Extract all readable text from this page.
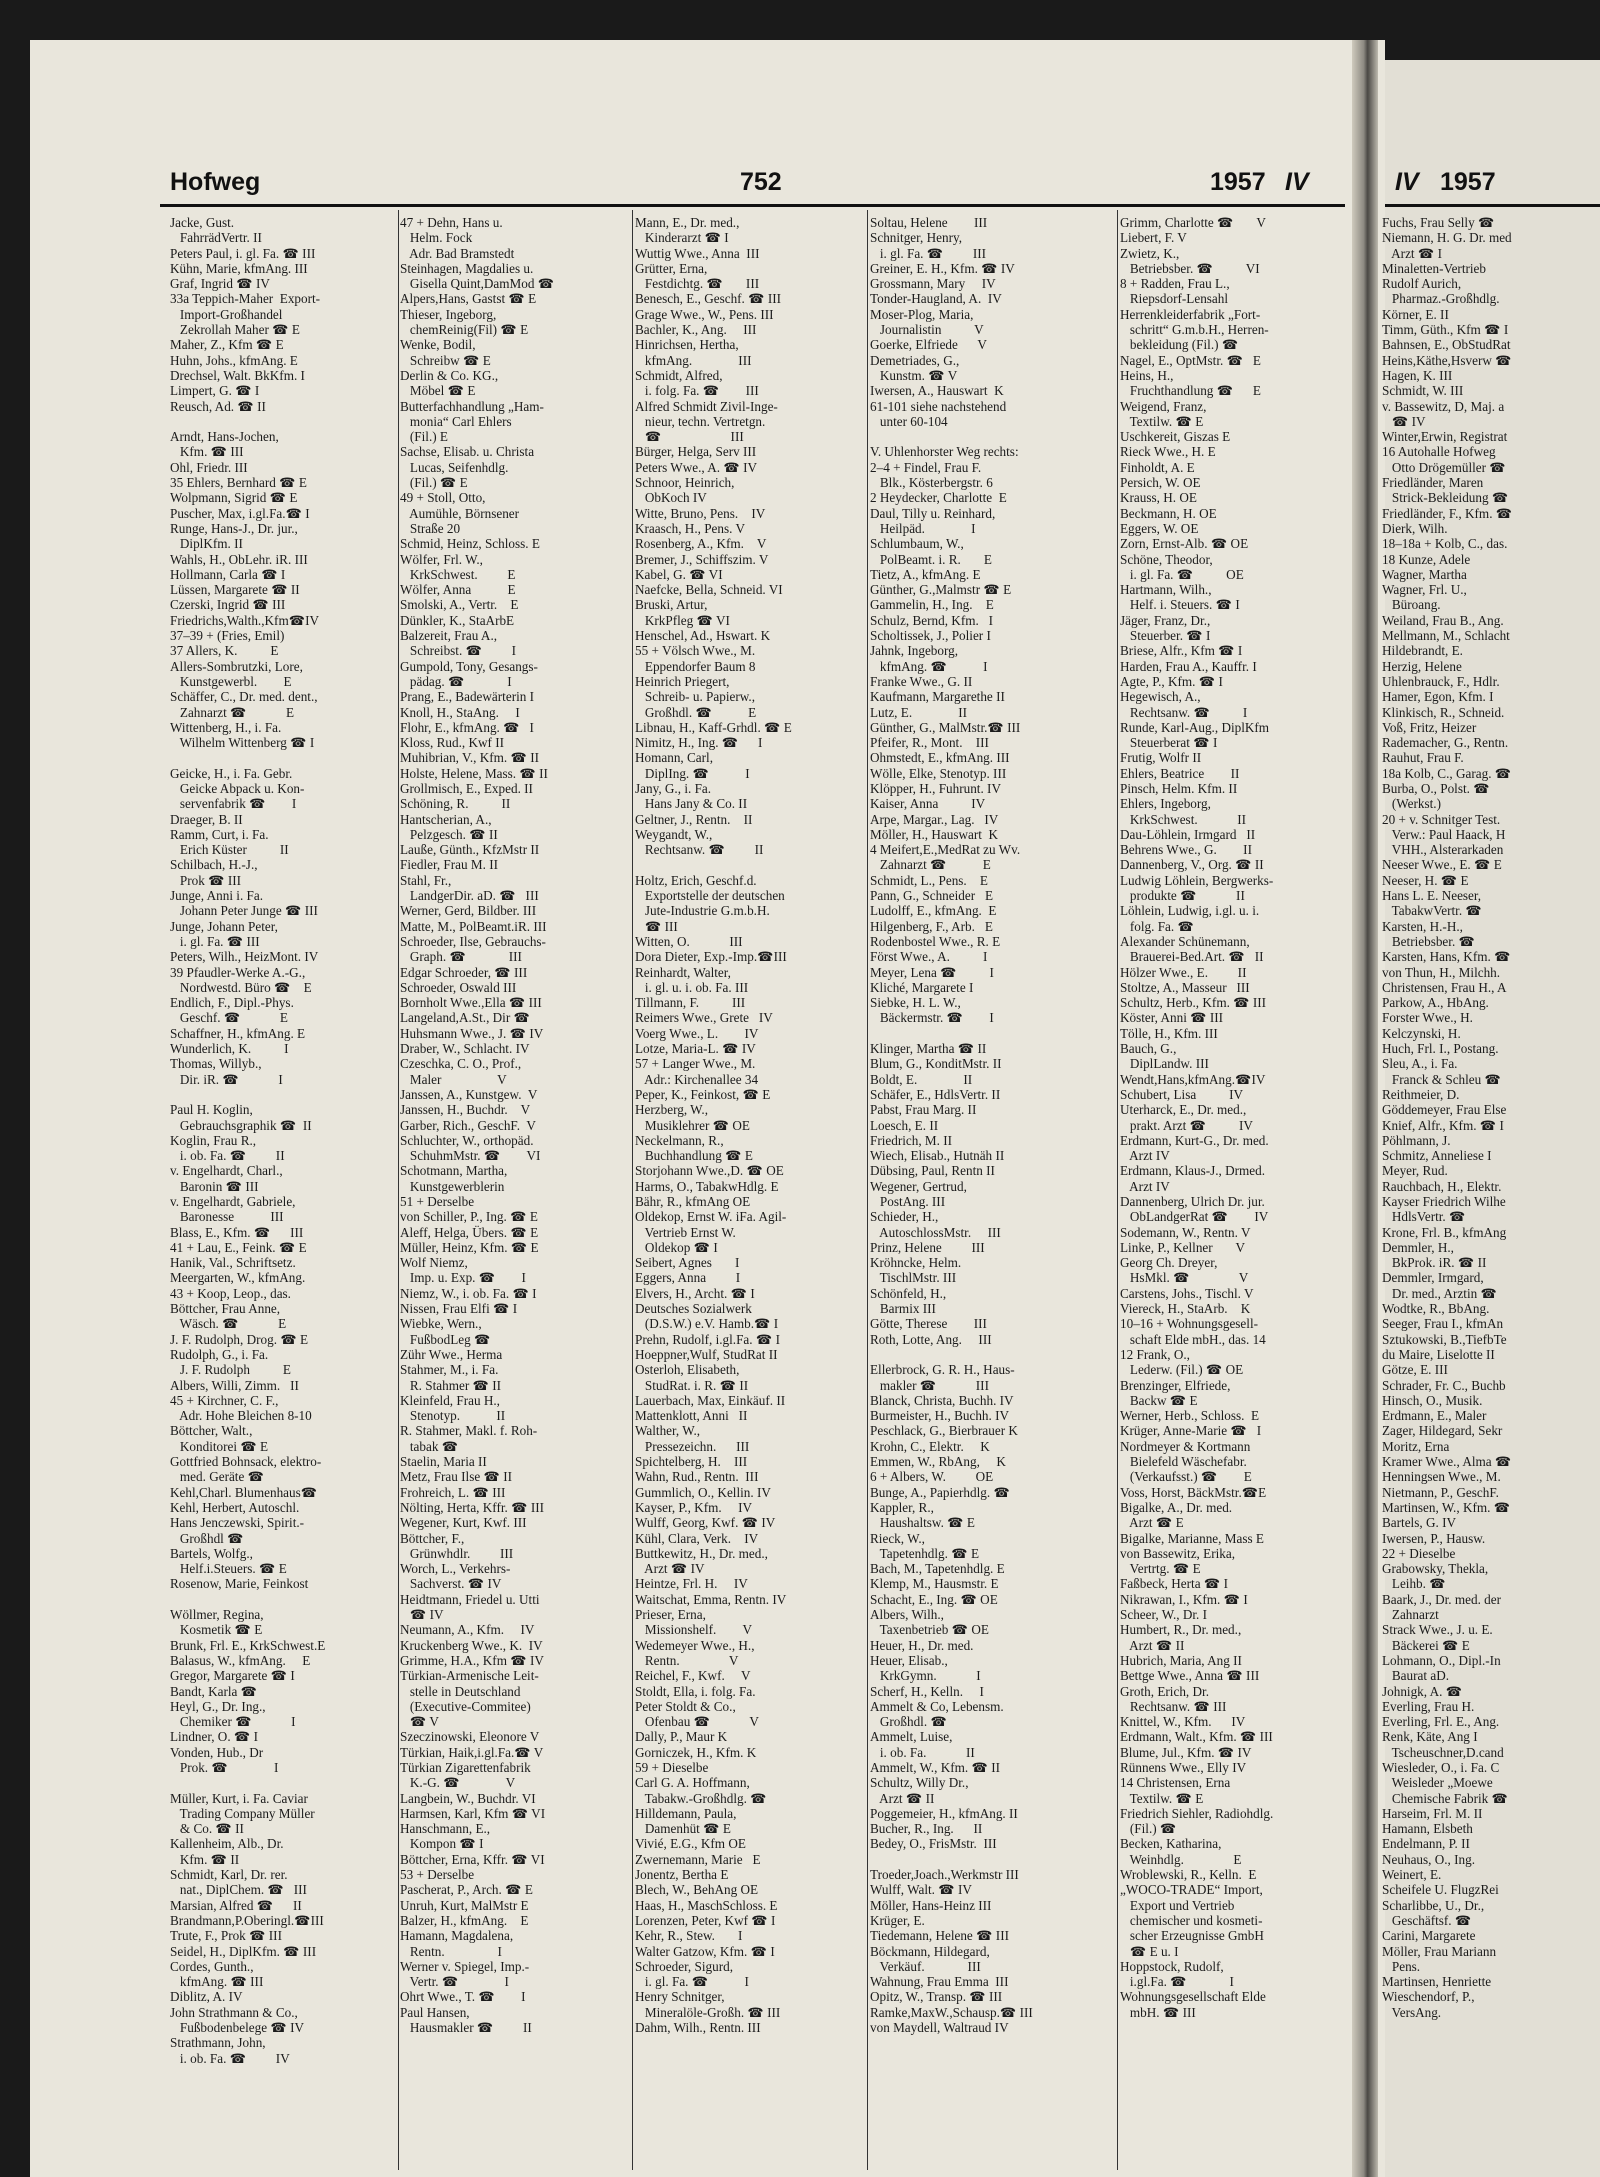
Hofweg	752	1957 IV	IV 1957
Jacke, Gust.
FahrrädVertr. II
Peters Paul, i. gl. Fa. ☎ III
Kühn, Marie, kfmAng. III
Graf, Ingrid ☎ IV
33a Teppich-Maher  Export-
Import-Großhandel
Zekrollah Maher ☎ E
Maher, Z., Kfm ☎ E
Huhn, Johs., kfmAng. E
Drechsel, Walt. BkKfm. I
Limpert, G. ☎ I
Reusch, Ad. ☎ II
Arndt, Hans-Jochen,
Kfm. ☎ III
Ohl, Friedr. III
35 Ehlers, Bernhard ☎ E
Wolpmann, Sigrid ☎ E
Puscher, Max, i.gl.Fa.☎ I
Runge, Hans-J., Dr. jur.,
DiplKfm. II
Wahls, H., ObLehr. iR. III
Hollmann, Carla ☎ I
Lüssen, Margarete ☎ II
Czerski, Ingrid ☎ III
Friedrichs,Walth.,Kfm☎IV
37–39 + (Fries, Emil)
37 Allers, K.          E
Allers-Sombrutzki, Lore,
Kunstgewerbl.        E
Schäffer, C., Dr. med. dent.,
Zahnarzt ☎            E
Wittenberg, H., i. Fa.
Wilhelm Wittenberg ☎ I
Geicke, H., i. Fa. Gebr.
Geicke Abpack u. Kon-
servenfabrik ☎        I
Draeger, B. II
Ramm, Curt, i. Fa.
Erich Küster          II
Schilbach, H.-J.,
Prok ☎ III
Junge, Anni i. Fa.
Johann Peter Junge ☎ III
Junge, Johann Peter,
i. gl. Fa. ☎ III
Peters, Wilh., HeizMont. IV
39 Pfaudler-Werke A.-G.,
Nordwestd. Büro ☎    E
Endlich, F., Dipl.-Phys.
Geschf. ☎            E
Schaffner, H., kfmAng. E
Wunderlich, K.          I
Thomas, Willyb.,
Dir. iR. ☎            I
Paul H. Koglin,
Gebrauchsgraphik ☎  II
Koglin, Frau R.,
i. ob. Fa. ☎         II
v. Engelhardt, Charl.,
Baronin ☎ III
v. Engelhardt, Gabriele,
Baronesse           III
Blass, E., Kfm. ☎      III
41 + Lau, E., Feink. ☎ E
Hanik, Val., Schriftsetz.
Meergarten, W., kfmAng.
43 + Koop, Leop., das.
Böttcher, Frau Anne,
Wäsch. ☎            E
J. F. Rudolph, Drog. ☎ E
Rudolph, G., i. Fa.
J. F. Rudolph          E
Albers, Willi, Zimm.   II
45 + Kirchner, C. F.,
Adr. Hohe Bleichen 8-10
Böttcher, Walt.,
Konditorei ☎ E
Gottfried Bohnsack, elektro-
med. Geräte ☎
Kehl,Charl. Blumenhaus☎
Kehl, Herbert, Autoschl.
Hans Jenczewski, Spirit.-
Großhdl ☎
Bartels, Wolfg.,
Helf.i.Steuers. ☎ E
Rosenow, Marie, Feinkost
Wöllmer, Regina,
Kosmetik ☎ E
Brunk, Frl. E., KrkSchwest.E
Balasus, W., kfmAng.     E
Gregor, Margarete ☎ I
Bandt, Karla ☎
Heyl, G., Dr. Ing.,
Chemiker ☎            I
Lindner, O. ☎ I
Vonden, Hub., Dr
Prok. ☎              I
Müller, Kurt, i. Fa. Caviar
Trading Company Müller
& Co. ☎ II
Kallenheim, Alb., Dr.
Kfm. ☎ II
Schmidt, Karl, Dr. rer.
nat., DiplChem. ☎   III
Marsian, Alfred ☎      II
Brandmann,P.Oberingl.☎III
Trute, F., Prok ☎ III
Seidel, H., DiplKfm. ☎ III
Cordes, Gunth.,
kfmAng. ☎ III
Diblitz, A. IV
John Strathmann & Co.,
Fußbodenbelege ☎ IV
Strathmann, John,
i. ob. Fa. ☎         IV
47 + Dehn, Hans u.
Helm. Fock
Adr. Bad Bramstedt
Steinhagen, Magdalies u.
Gisella Quint,DamMod ☎
Alpers,Hans, Gastst ☎ E
Thieser, Ingeborg,
chemReinig(Fil) ☎ E
Wenke, Bodil,
Schreibw ☎ E
Derlin & Co. KG.,
Möbel ☎ E
Butterfachhandlung „Ham-
monia“ Carl Ehlers
(Fil.) E
Sachse, Elisab. u. Christa
Lucas, Seifenhdlg.
(Fil.) ☎ E
49 + Stoll, Otto,
Aumühle, Börnsener
Straße 20
Schmid, Heinz, Schloss. E
Wölfer, Frl. W.,
KrkSchwest.         E
Wölfer, Anna           E
Smolski, A., Vertr.    E
Dünkler, K., StaArbE
Balzereit, Frau A.,
Schreibst. ☎         I
Gumpold, Tony, Gesangs-
pädag. ☎             I
Prang, E., Badewärterin I
Knoll, H., StaAng.     I
Flohr, E., kfmAng. ☎   I
Kloss, Rud., Kwf II
Muhibrian, V., Kfm. ☎ II
Holste, Helene, Mass. ☎ II
Grollmisch, E., Exped. II
Schöning, R.          II
Hantscherian, A.,
Pelzgesch. ☎ II
Lauße, Günth., KfzMstr II
Fiedler, Frau M. II
Stahl, Fr.,
LandgerDir. aD. ☎   III
Werner, Gerd, Bildber. III
Matte, M., PolBeamt.iR. III
Schroeder, Ilse, Gebrauchs-
Graph. ☎             III
Edgar Schroeder, ☎ III
Schroeder, Oswald III
Bornholt Wwe.,Ella ☎ III
Langeland,A.St., Dir ☎
Huhsmann Wwe., J. ☎ IV
Draber, W., Schlacht. IV
Czeschka, C. O., Prof.,
Maler                 V
Janssen, A., Kunstgew.  V
Janssen, H., Buchdr.    V
Garber, Rich., GeschF.  V
Schluchter, W., orthopäd.
SchuhmMstr. ☎        VI
Schotmann, Martha,
Kunstgewerblerin
51 + Derselbe
von Schiller, P., Ing. ☎ E
Aleff, Helga, Übers. ☎ E
Müller, Heinz, Kfm. ☎ E
Wolf Niemz,
Imp. u. Exp. ☎        I
Niemz, W., i. ob. Fa. ☎ I
Nissen, Frau Elfi ☎ I
Wiebke, Wern.,
FußbodLeg ☎
Zühr Wwe., Herma
Stahmer, M., i. Fa.
R. Stahmer ☎ II
Kleinfeld, Frau H.,
Stenotyp.           II
R. Stahmer, Makl. f. Roh-
tabak ☎
Staelin, Maria II
Metz, Frau Ilse ☎ II
Frohreich, L. ☎ III
Nölting, Herta, Kffr. ☎ III
Wegener, Kurt, Kwf. III
Böttcher, F.,
Grünwhdlr.         III
Worch, L., Verkehrs-
Sachverst. ☎ IV
Heidtmann, Friedel u. Utti
☎ IV
Neumann, A., Kfm.     IV
Kruckenberg Wwe., K.  IV
Grimme, H.A., Kfm ☎ IV
Türkian-Armenische Leit-
stelle in Deutschland
(Executive-Commitee)
☎ V
Szeczinowski, Eleonore V
Türkian, Haik,i.gl.Fa.☎ V
Türkian Zigarettenfabrik
K.-G. ☎              V
Langbein, W., Buchdr. VI
Harmsen, Karl, Kfm ☎ VI
Hanschmann, E.,
Kompon ☎ I
Böttcher, Erna, Kffr. ☎ VI
53 + Derselbe
Pascherat, P., Arch. ☎ E
Unruh, Kurt, MalMstr E
Balzer, H., kfmAng.    E
Hamann, Magdalena,
Rentn.                I
Werner v. Spiegel, Imp.-
Vertr. ☎              I
Ohrt Wwe., T. ☎        I
Paul Hansen,
Hausmakler ☎         II
Mann, E., Dr. med.,
Kinderarzt ☎ I
Wuttig Wwe., Anna  III
Grütter, Erna,
Festdichtg. ☎       III
Benesch, E., Geschf. ☎ III
Grage Wwe., W., Pens. III
Bachler, K., Ang.     III
Hinrichsen, Hertha,
kfmAng.              III
Schmidt, Alfred,
i. folg. Fa. ☎        III
Alfred Schmidt Zivil-Inge-
nieur, techn. Vertretgn.
☎                     III
Bürger, Helga, Serv III
Peters Wwe., A. ☎ IV
Schnoor, Heinrich,
ObKoch IV
Witte, Bruno, Pens.    IV
Kraasch, H., Pens. V
Rosenberg, A., Kfm.    V
Bremer, J., Schiffszim. V
Kabel, G. ☎ VI
Naefcke, Bella, Schneid. VI
Bruski, Artur,
KrkPfleg ☎ VI
Henschel, Ad., Hswart. K
55 + Völsch Wwe., M.
Eppendorfer Baum 8
Heinrich Priegert,
Schreib- u. Papierw.,
Großhdl. ☎           E
Libnau, H., Kaff-Grhdl. ☎ E
Nimitz, H., Ing. ☎      I
Homann, Carl,
DiplIng. ☎           I
Jany, G., i. Fa.
Hans Jany & Co. II
Geltner, J., Rentn.    II
Weygandt, W.,
Rechtsanw. ☎         II
Holtz, Erich, Geschf.d.
Exportstelle der deutschen
Jute-Industrie G.m.b.H.
☎ III
Witten, O.            III
Dora Dieter, Exp.-Imp.☎III
Reinhardt, Walter,
i. gl. u. i. ob. Fa. III
Tillmann, F.          III
Reimers Wwe., Grete   IV
Voerg Wwe., L.        IV
Lotze, Maria-L. ☎ IV
57 + Langer Wwe., M.
Adr.: Kirchenallee 34
Peper, K., Feinkost, ☎ E
Herzberg, W.,
Musiklehrer ☎ OE
Neckelmann, R.,
Buchhandlung ☎ E
Storjohann Wwe.,D. ☎ OE
Harms, O., TabakwHdlg. E
Bähr, R., kfmAng OE
Oldekop, Ernst W. iFa. Agil-
Vertrieb Ernst W.
Oldekop ☎ I
Seibert, Agnes       I
Eggers, Anna         I
Elvers, H., Archt. ☎ I
Deutsches Sozialwerk
(D.S.W.) e.V. Hamb.☎ I
Prehn, Rudolf, i.gl.Fa. ☎ I
Hoeppner,Wulf, StudRat II
Osterloh, Elisabeth,
StudRat. i. R. ☎ II
Lauerbach, Max, Einkäuf. II
Mattenklott, Anni   II
Walther, W.,
Pressezeichn.      III
Spichtelberg, H.    III
Wahn, Rud., Rentn.  III
Gummlich, O., Kellin. IV
Kayser, P., Kfm.     IV
Wulff, Georg, Kwf. ☎ IV
Kühl, Clara, Verk.    IV
Buttkewitz, H., Dr. med.,
Arzt ☎ IV
Heintze, Frl. H.     IV
Waitschat, Emma, Rentn. IV
Prieser, Erna,
Missionshelf.        V
Wedemeyer Wwe., H.,
Rentn.               V
Reichel, F., Kwf.     V
Stoldt, Ella, i. folg. Fa.
Peter Stoldt & Co.,
Ofenbau ☎            V
Dally, P., Maur K
Gorniczek, H., Kfm. K
59 + Dieselbe
Carl G. A. Hoffmann,
Tabakw.-Großhdlg. ☎
Hilldemann, Paula,
Damenhüt ☎ E
Vivié, E.G., Kfm OE
Zwernemann, Marie   E
Jonentz, Bertha E
Blech, W., BehAng OE
Haas, H., MaschSchloss. E
Lorenzen, Peter, Kwf ☎ I
Kehr, R., Stew.       I
Walter Gatzow, Kfm. ☎ I
Schroeder, Sigurd,
i. gl. Fa. ☎           I
Henry Schnitger,
Mineralöle-Großh. ☎ III
Dahm, Wilh., Rentn. III
Soltau, Helene        III
Schnitger, Henry,
i. gl. Fa. ☎         III
Greiner, E. H., Kfm. ☎ IV
Grossmann, Mary     IV
Tonder-Haugland, A.  IV
Moser-Plog, Maria,
Journalistin          V
Goerke, Elfriede      V
Demetriades, G.,
Kunstm. ☎ V
Iwersen, A., Hauswart  K
61-101 siehe nachstehend
unter 60-104
V. Uhlenhorster Weg rechts:
2–4 + Findel, Frau F.
Blk., Kösterbergstr. 6
2 Heydecker, Charlotte  E
Daul, Tilly u. Reinhard,
Heilpäd.              I
Schlumbaum, W.,
PolBeamt. i. R.       E
Tietz, A., kfmAng. E
Günther, G.,Malmstr ☎ E
Gammelin, H., Ing.    E
Schulz, Bernd, Kfm.   I
Scholtissek, J., Polier I
Jahnk, Ingeborg,
kfmAng. ☎           I
Franke Wwe., G. II
Kaufmann, Margarethe II
Lutz, E.              II
Günther, G., MalMstr.☎ III
Pfeifer, R., Mont.    III
Ohmstedt, E., kfmAng. III
Wölle, Elke, Stenotyp. III
Klöpper, H., Fuhrunt. IV
Kaiser, Anna          IV
Arpe, Margar., Lag.   IV
Möller, H., Hauswart  K
4 Meifert,E.,MedRat zu Wv.
Zahnarzt ☎           E
Schmidt, L., Pens.    E
Pann, G., Schneider   E
Ludolff, E., kfmAng.  E
Hilgenberg, F., Arb.   E
Rodenbostel Wwe., R. E
Först Wwe., A.          I
Meyer, Lena ☎          I
Kliché, Margarete I
Siebke, H. L. W.,
Bäckermstr. ☎        I
Klinger, Martha ☎ II
Blum, G., KonditMstr. II
Boldt, E.              II
Schäfer, E., HdlsVertr. II
Pabst, Frau Marg. II
Loesch, E. II
Friedrich, M. II
Wiech, Elisab., Hutnäh II
Dübsing, Paul, Rentn II
Wegener, Gertrud,
PostAng. III
Schieder, H.,
AutoschlossMstr.     III
Prinz, Helene         III
Kröhncke, Helm.
TischlMstr. III
Schönfeld, H.,
Barmix III
Götte, Therese        III
Roth, Lotte, Ang.     III
Ellerbrock, G. R. H., Haus-
makler ☎            III
Blanck, Christa, Buchh. IV
Burmeister, H., Buchh. IV
Peschlack, G., Bierbrauer K
Krohn, C., Elektr.     K
Emmen, W., RbAng,     K
6 + Albers, W.         OE
Bunge, A., Papierhdlg. ☎
Kappler, R.,
Haushaltsw. ☎ E
Rieck, W.,
Tapetenhdlg. ☎ E
Bach, M., Tapetenhdlg. E
Klemp, M., Hausmstr. E
Schacht, E., Ing. ☎ OE
Albers, Wilh.,
Taxenbetrieb ☎ OE
Heuer, H., Dr. med.
Heuer, Elisab.,
KrkGymn.            I
Scherf, H., Kelln.     I
Ammelt & Co, Lebensm.
Großhdl. ☎
Ammelt, Luise,
i. ob. Fa.            II
Ammelt, W., Kfm. ☎ II
Schultz, Willy Dr.,
Arzt ☎ II
Poggemeier, H., kfmAng. II
Bucher, R., Ing.      II
Bedey, O., FrisMstr.  III
Troeder,Joach.,Werkmstr III
Wulff, Walt. ☎ IV
Möller, Hans-Heinz III
Krüger, E.
Tiedemann, Helene ☎ III
Böckmann, Hildegard,
Verkäuf.             III
Wahnung, Frau Emma  III
Opitz, W., Transp. ☎ III
Ramke,MaxW.,Schausp.☎ III
von Maydell, Waltraud IV
Grimm, Charlotte ☎       V
Liebert, F. V
Zwietz, K.,
Betriebsber. ☎          VI
8 + Radden, Frau L.,
Riepsdorf-Lensahl
Herrenkleiderfabrik „Fort-
schritt“ G.m.b.H., Herren-
bekleidung (Fil.) ☎
Nagel, E., OptMstr. ☎   E
Heins, H.,
Fruchthandlung ☎      E
Weigend, Franz,
Textilw. ☎ E
Uschkereit, Giszas E
Rieck Wwe., H. E
Finholdt, A. E
Persich, W. OE
Krauss, H. OE
Beckmann, H. OE
Eggers, W. OE
Zorn, Ernst-Alb. ☎ OE
Schöne, Theodor,
i. gl. Fa. ☎          OE
Hartmann, Wilh.,
Helf. i. Steuers. ☎ I
Jäger, Franz, Dr.,
Steuerber. ☎ I
Briese, Alfr., Kfm ☎ I
Harden, Frau A., Kauffr. I
Agte, P., Kfm. ☎ I
Hegewisch, A.,
Rechtsanw. ☎          I
Runde, Karl-Aug., DiplKfm
Steuerberat ☎ I
Frutig, Wolfr II
Ehlers, Beatrice        II
Pinsch, Helm. Kfm. II
Ehlers, Ingeborg,
KrkSchwest.            II
Dau-Löhlein, Irmgard   II
Behrens Wwe., G.        II
Dannenberg, V., Org. ☎ II
Ludwig Löhlein, Bergwerks-
produkte ☎            II
Löhlein, Ludwig, i.gl. u. i.
folg. Fa. ☎
Alexander Schünemann,
Brauerei-Bed.Art. ☎   II
Hölzer Wwe., E.         II
Stoltze, A., Masseur   III
Schultz, Herb., Kfm. ☎ III
Köster, Anni ☎ III
Tölle, H., Kfm. III
Bauch, G.,
DiplLandw. III
Wendt,Hans,kfmAng.☎IV
Schubert, Lisa          IV
Uterharck, E., Dr. med.,
prakt. Arzt ☎          IV
Erdmann, Kurt-G., Dr. med.
Arzt IV
Erdmann, Klaus-J., Drmed.
Arzt IV
Dannenberg, Ulrich Dr. jur.
ObLandgerRat ☎        IV
Sodemann, W., Rentn. V
Linke, P., Kellner       V
Georg Ch. Dreyer,
HsMkl. ☎               V
Carstens, Johs., Tischl. V
Viereck, H., StaArb.    K
10–16 + Wohnungsgesell-
schaft Elde mbH., das. 14
12 Frank, O.,
Lederw. (Fil.) ☎ OE
Brenzinger, Elfriede,
Backw ☎ E
Werner, Herb., Schloss.  E
Krüger, Anne-Marie ☎   I
Nordmeyer & Kortmann
Bielefeld Wäschefabr.
(Verkaufsst.) ☎        E
Voss, Horst, BäckMstr.☎E
Bigalke, A., Dr. med.
Arzt ☎ E
Bigalke, Marianne, Mass E
von Bassewitz, Erika,
Vertrtg. ☎ E
Faßbeck, Herta ☎ I
Nikrawan, I., Kfm. ☎ I
Scheer, W., Dr. I
Humbert, R., Dr. med.,
Arzt ☎ II
Hubrich, Maria, Ang II
Bettge Wwe., Anna ☎ III
Groth, Erich, Dr.
Rechtsanw. ☎ III
Knittel, W., Kfm.      IV
Erdmann, Walt., Kfm. ☎ III
Blume, Jul., Kfm. ☎ IV
Rünnens Wwe., Elly IV
14 Christensen, Erna
Textilw. ☎ E
Friedrich Siehler, Radiohdlg.
(Fil.) ☎
Becken, Katharina,
Weinhdlg.               E
Wroblewski, R., Kelln.  E
„WOCO-TRADE“ Import,
Export und Vertrieb
chemischer und kosmeti-
scher Erzeugnisse GmbH
☎ E u. I
Hoppstock, Rudolf,
i.gl.Fa. ☎             I
Wohnungsgesellschaft Elde
mbH. ☎ III
Fuchs, Frau Selly ☎
Niemann, H. G. Dr. med
Arzt ☎ I
Minaletten-Vertrieb
Rudolf Aurich,
Pharmaz.-Großhdlg.
Körner, E. II
Timm, Güth., Kfm ☎ I
Bahnsen, E., ObStudRat
Heins,Käthe,Hsverw ☎
Hagen, K. III
Schmidt, W. III
v. Bassewitz, D, Maj. a
☎ IV
Winter,Erwin, Registrat
16 Autohalle Hofweg
Otto Drögemüller ☎
Friedländer, Maren
Strick-Bekleidung ☎
Friedländer, F., Kfm. ☎
Dierk, Wilh.
18–18a + Kolb, C., das.
18 Kunze, Adele
Wagner, Martha
Wagner, Frl. U.,
Büroang.
Weiland, Frau B., Ang.
Mellmann, M., Schlacht
Hildebrandt, E.
Herzig, Helene
Uhlenbrauck, F., Hdlr.
Hamer, Egon, Kfm. I
Klinkisch, R., Schneid.
Voß, Fritz, Heizer
Rademacher, G., Rentn.
Rauhut, Frau F.
18a Kolb, C., Garag. ☎
Burba, O., Polst. ☎
(Werkst.)
20 + v. Schnitger Test.
Verw.: Paul Haack, H
VHH., Alsterarkaden
Neeser Wwe., E. ☎ E
Neeser, H. ☎ E
Hans L. E. Neeser,
TabakwVertr. ☎
Karsten, H.-H.,
Betriebsber. ☎
Karsten, Hans, Kfm. ☎
von Thun, H., Milchh.
Christensen, Frau H., A
Parkow, A., HbAng.
Forster Wwe., H.
Kelczynski, H.
Huch, Frl. I., Postang.
Sleu, A., i. Fa.
Franck & Schleu ☎
Reithmeier, D.
Göddemeyer, Frau Else
Knief, Alfr., Kfm. ☎ I
Pöhlmann, J.
Schmitz, Anneliese I
Meyer, Rud.
Rauchbach, H., Elektr.
Kayser Friedrich Wilhe
HdlsVertr. ☎
Krone, Frl. B., kfmAng
Demmler, H.,
BkProk. iR. ☎ II
Demmler, Irmgard,
Dr. med., Arztin ☎
Wodtke, R., BbAng.
Seeger, Frau I., kfmAn
Sztukowski, B.,TiefbTe
du Maire, Liselotte II
Götze, E. III
Schrader, Fr. C., Buchb
Hinsch, O., Musik.
Erdmann, E., Maler
Zager, Hildegard, Sekr
Moritz, Erna
Kramer Wwe., Alma ☎
Henningsen Wwe., M.
Nietmann, P., GeschF.
Martinsen, W., Kfm. ☎
Bartels, G. IV
Iwersen, P., Hausw.
22 + Dieselbe
Grabowsky, Thekla,
Leihb. ☎
Baark, J., Dr. med. der
Zahnarzt
Strack Wwe., J. u. E.
Bäckerei ☎ E
Lohmann, O., Dipl.-In
Baurat aD.
Johnigk, A. ☎
Everling, Frau H.
Everling, Frl. E., Ang.
Renk, Käte, Ang I
Tscheuschner,D.cand
Wiesleder, O., i. Fa. C
Weisleder „Moewe
Chemische Fabrik ☎
Harseim, Frl. M. II
Hamann, Elsbeth
Endelmann, P. II
Neuhaus, O., Ing.
Weinert, E.
Scheifele U. FlugzRei
Scharlibbe, U., Dr.,
Geschäftsf. ☎
Carini, Margarete
Möller, Frau Mariann
Pens.
Martinsen, Henriette
Wieschendorf, P.,
VersAng.
